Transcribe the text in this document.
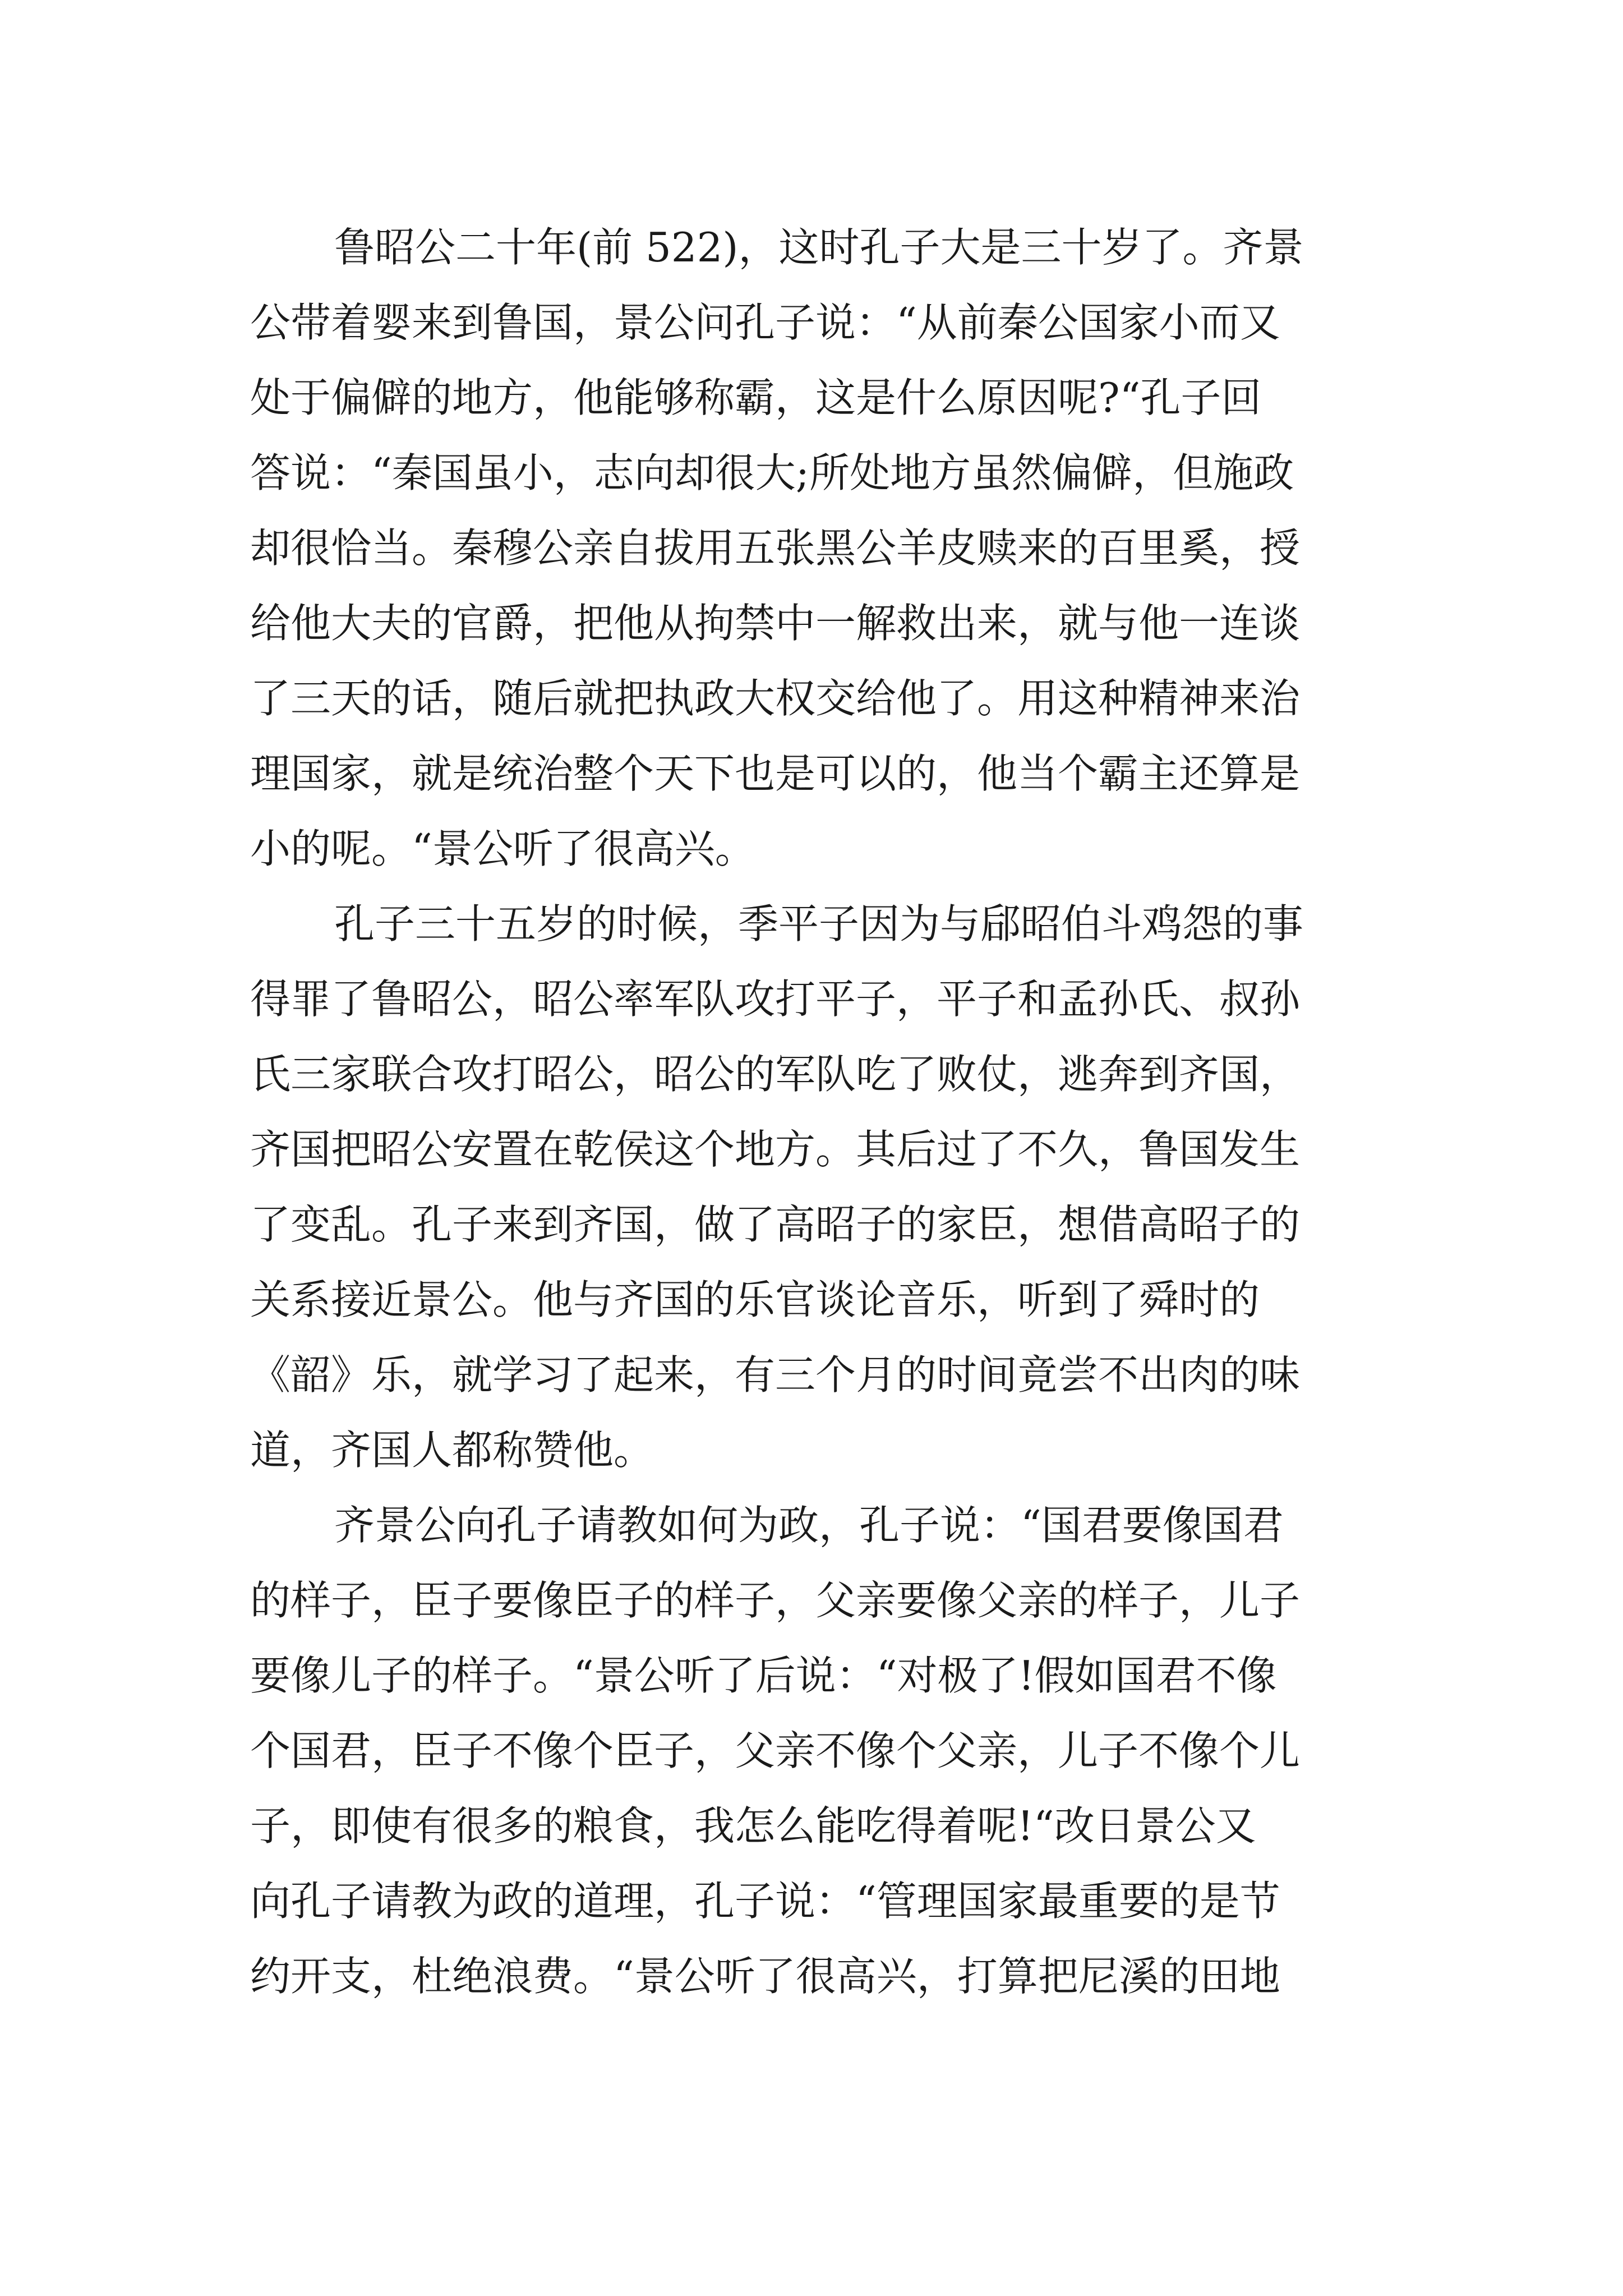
鲁昭公二十年(前 522)，这时孔子大是三十岁了。齐景
公带着婴来到鲁国，景公问孔子说：“从前秦公国家小而又
处于偏僻的地方，他能够称霸，这是什么原因呢?“孔子回
答说：“秦国虽小，志向却很大;所处地方虽然偏僻，但施政
却很恰当。秦穆公亲自拔用五张黑公羊皮赎来的百里奚，授
给他大夫的官爵，把他从拘禁中一解救出来，就与他一连谈
了三天的话，随后就把执政大权交给他了。用这种精神来治
理国家，就是统治整个天下也是可以的，他当个霸主还算是
小的呢。“景公听了很高兴。
孔子三十五岁的时候，季平子因为与郈昭伯斗鸡怨的事
得罪了鲁昭公，昭公率军队攻打平子，平子和孟孙氏、叔孙
氏三家联合攻打昭公，昭公的军队吃了败仗，逃奔到齐国，
齐国把昭公安置在乾侯这个地方。其后过了不久，鲁国发生
了变乱。孔子来到齐国，做了高昭子的家臣，想借高昭子的
关系接近景公。他与齐国的乐官谈论音乐，听到了舜时的
《韶》乐，就学习了起来，有三个月的时间竟尝不出肉的味
道，齐国人都称赞他。
齐景公向孔子请教如何为政，孔子说：“国君要像国君
的样子，臣子要像臣子的样子，父亲要像父亲的样子，儿子
要像儿子的样子。“景公听了后说：“对极了!假如国君不像
个国君，臣子不像个臣子，父亲不像个父亲，儿子不像个儿
子，即使有很多的粮食，我怎么能吃得着呢!“改日景公又
向孔子请教为政的道理，孔子说：“管理国家最重要的是节
约开支，杜绝浪费。“景公听了很高兴，打算把尼溪的田地
